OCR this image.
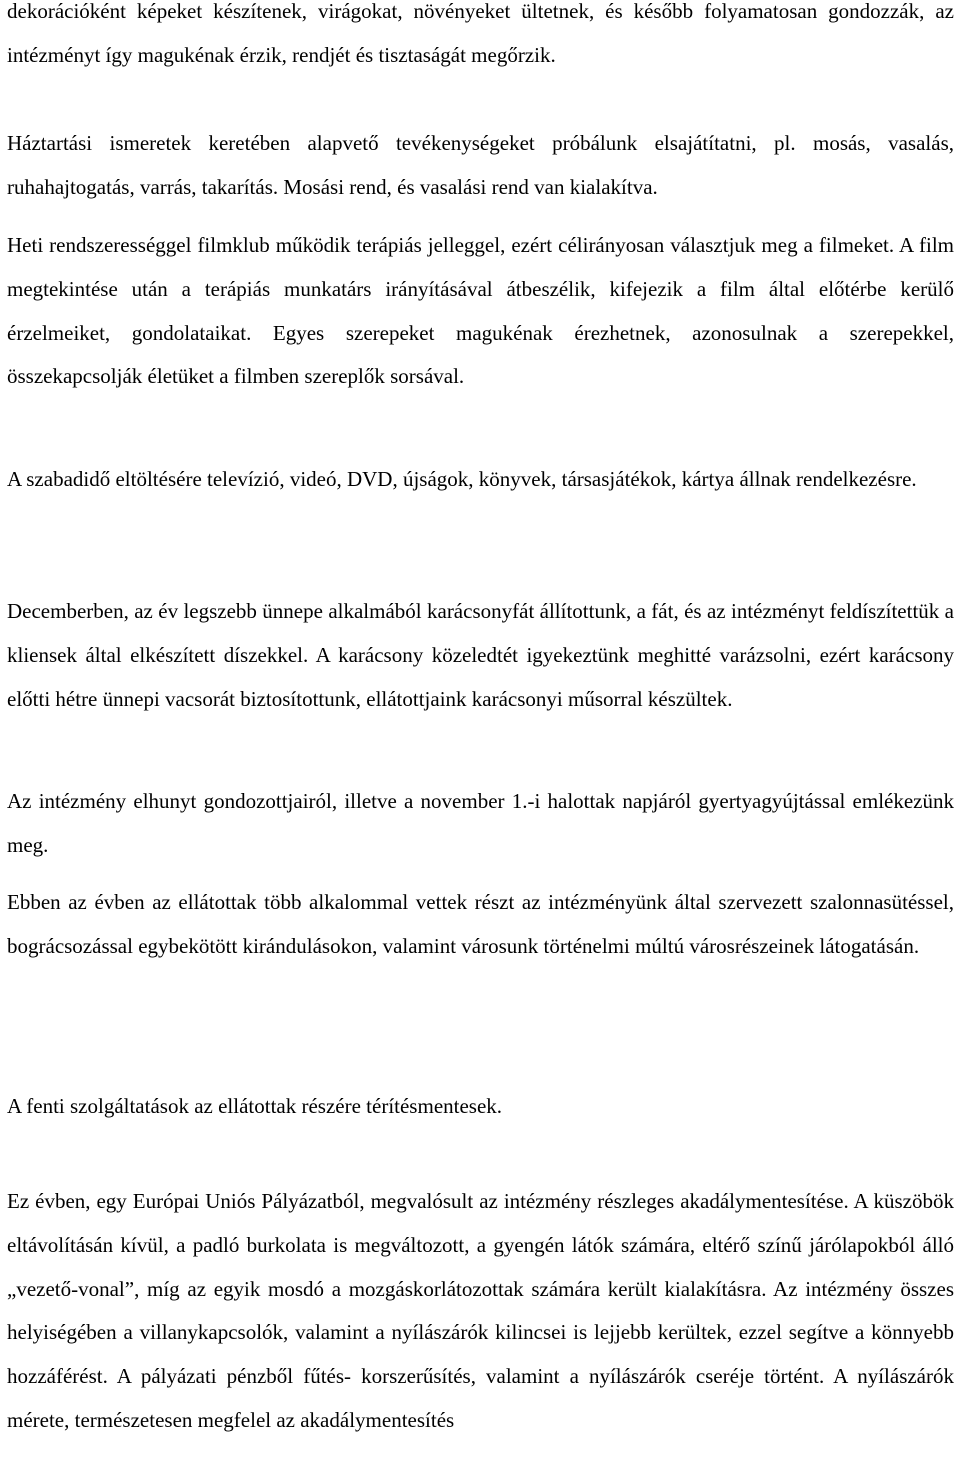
dekorációként képeket készítenek, virágokat, növényeket ültetnek, és később folyamatosan gondozzák, az intézményt így magukénak érzik, rendjét és tisztaságát megőrzik.

Háztartási ismeretek keretében alapvető tevékenységeket próbálunk elsajátítatni, pl. mosás, vasalás, ruhahajtogatás, varrás, takarítás. Mosási rend, és vasalási rend van kialakítva.

Heti rendszerességgel filmklub működik terápiás jelleggel, ezért célirányosan választjuk meg a filmeket. A film megtekintése után a terápiás munkatárs irányításával átbeszélik, kifejezik a film által előtérbe kerülő érzelmeiket, gondolataikat. Egyes szerepeket magukénak érezhetnek, azonosulnak a szerepekkel, összekapcsolják életüket a filmben szereplők sorsával.

A szabadidő eltöltésére televízió, videó, DVD, újságok, könyvek, társasjátékok, kártya állnak rendelkezésre.

Decemberben, az év legszebb ünnepe alkalmából karácsonyfát állítottunk, a fát, és az intézményt feldíszítettük a kliensek által elkészített díszekkel. A karácsony közeledtét igyekeztünk meghitté varázsolni, ezért karácsony előtti hétre ünnepi vacsorát biztosítottunk, ellátottjaink karácsonyi műsorral készültek.

Az intézmény elhunyt gondozottjairól, illetve a november 1.-i halottak napjáról gyertyagyújtással emlékezünk meg.

Ebben az évben az ellátottak több alkalommal vettek részt az intézményünk által szervezett szalonnasütéssel, bográcsozással egybekötött kirándulásokon, valamint városunk történelmi múltú városrészeinek látogatásán.

A fenti szolgáltatások az ellátottak részére térítésmentesek.

Ez évben, egy Európai Uniós Pályázatból, megvalósult az intézmény részleges akadálymentesítése. A küszöbök eltávolításán kívül, a padló burkolata is megváltozott, a gyengén látók számára, eltérő színű járólapokból álló „vezető-vonal”, míg az egyik mosdó a mozgáskorlátozottak számára került kialakításra. Az intézmény összes helyiségében a villanykapcsolók, valamint a nyílászárók kilincsei is lejjebb kerültek, ezzel segítve a könnyebb hozzáférést. A pályázati pénzből fűtés- korszerűsítés, valamint a nyílászárók cseréje történt. A nyílászárók mérete, természetesen megfelel az akadálymentesítés
